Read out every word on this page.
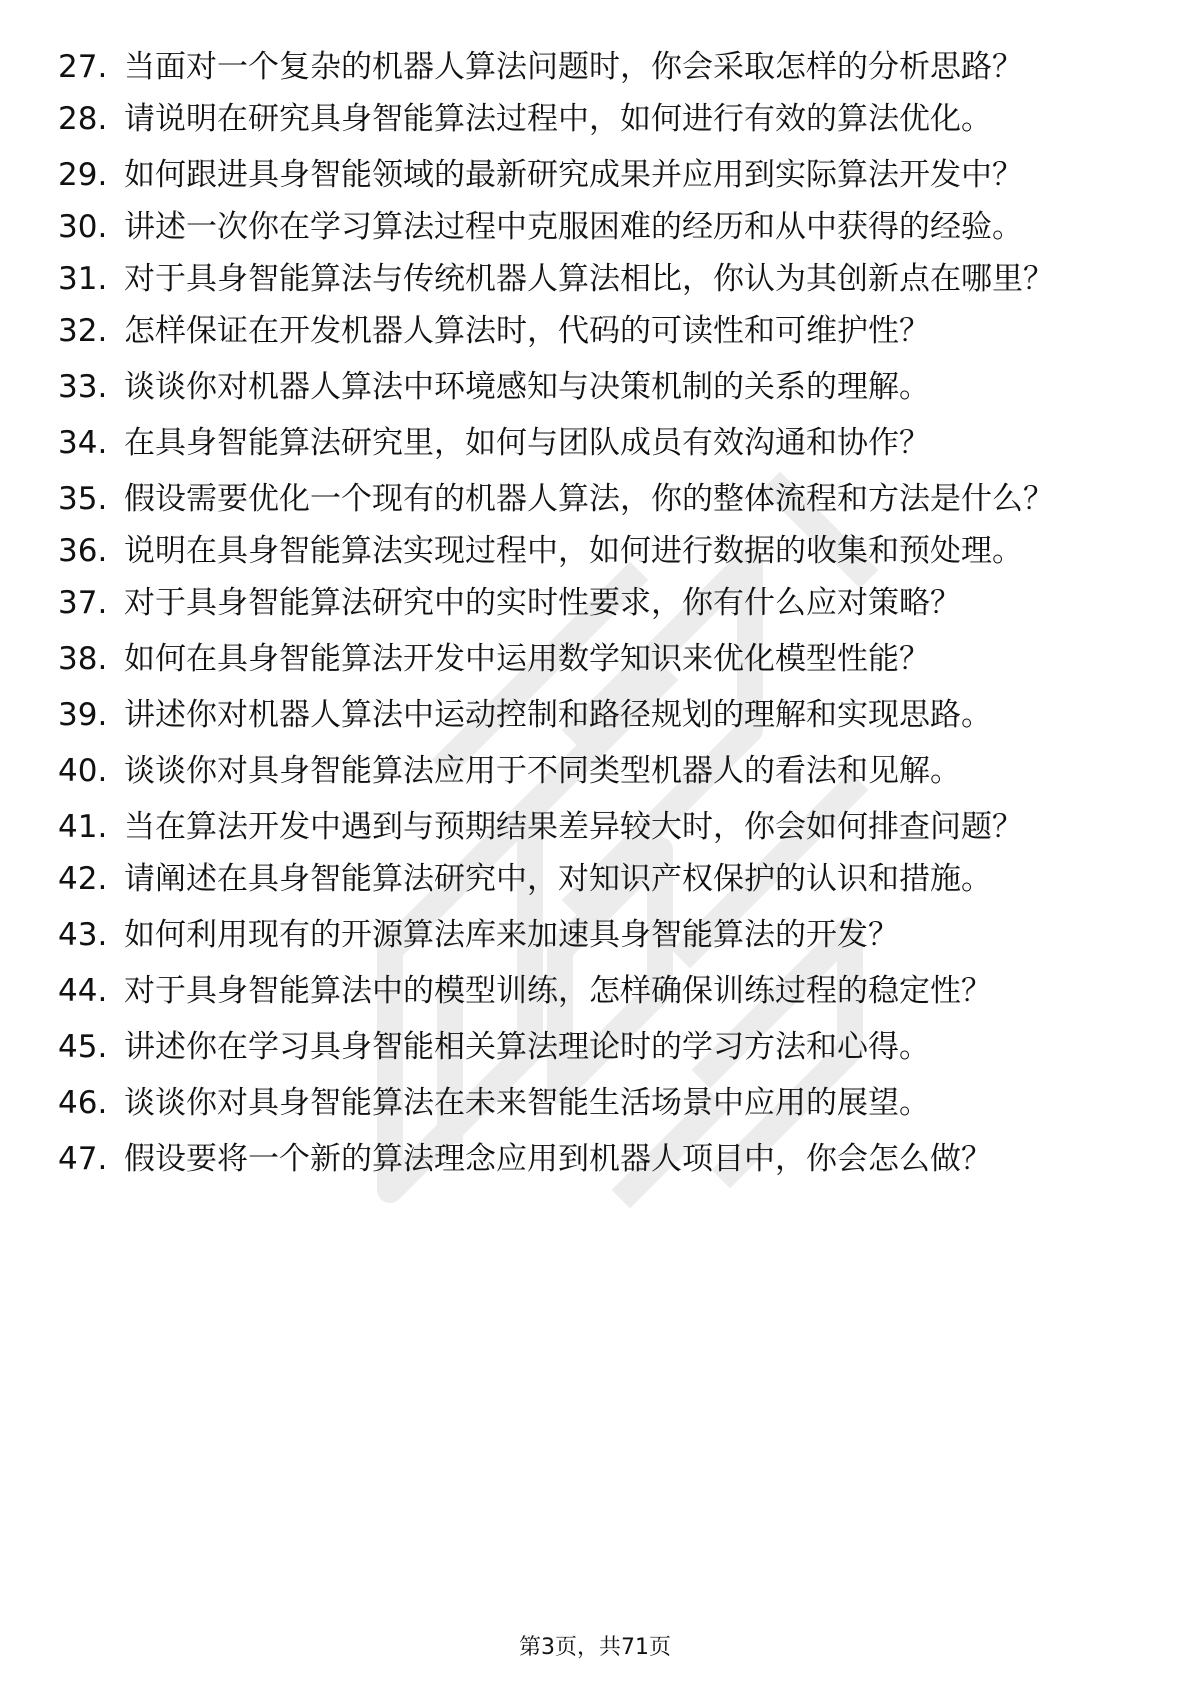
27. 当面对一个复杂的机器人算法问题时，你会采取怎样的分析思路？
28. 请说明在研究具身智能算法过程中，如何进行有效的算法优化。
29. 如何跟进具身智能领域的最新研究成果并应用到实际算法开发中？
30. 讲述一次你在学习算法过程中克服困难的经历和从中获得的经验。
31. 对于具身智能算法与传统机器人算法相比，你认为其创新点在哪里？
32. 怎样保证在开发机器人算法时，代码的可读性和可维护性？
33. 谈谈你对机器人算法中环境感知与决策机制的关系的理解。
34. 在具身智能算法研究里，如何与团队成员有效沟通和协作？
35. 假设需要优化一个现有的机器人算法，你的整体流程和方法是什么？
36. 说明在具身智能算法实现过程中，如何进行数据的收集和预处理。
37. 对于具身智能算法研究中的实时性要求，你有什么应对策略？
38. 如何在具身智能算法开发中运用数学知识来优化模型性能？
39. 讲述你对机器人算法中运动控制和路径规划的理解和实现思路。
40. 谈谈你对具身智能算法应用于不同类型机器人的看法和见解。
41. 当在算法开发中遇到与预期结果差异较大时，你会如何排查问题？
42. 请阐述在具身智能算法研究中，对知识产权保护的认识和措施。
43. 如何利用现有的开源算法库来加速具身智能算法的开发？
44. 对于具身智能算法中的模型训练，怎样确保训练过程的稳定性？
45. 讲述你在学习具身智能相关算法理论时的学习方法和心得。
46. 谈谈你对具身智能算法在未来智能生活场景中应用的展望。
47. 假设要将一个新的算法理念应用到机器人项目中，你会怎么做？
第3页，共71页
